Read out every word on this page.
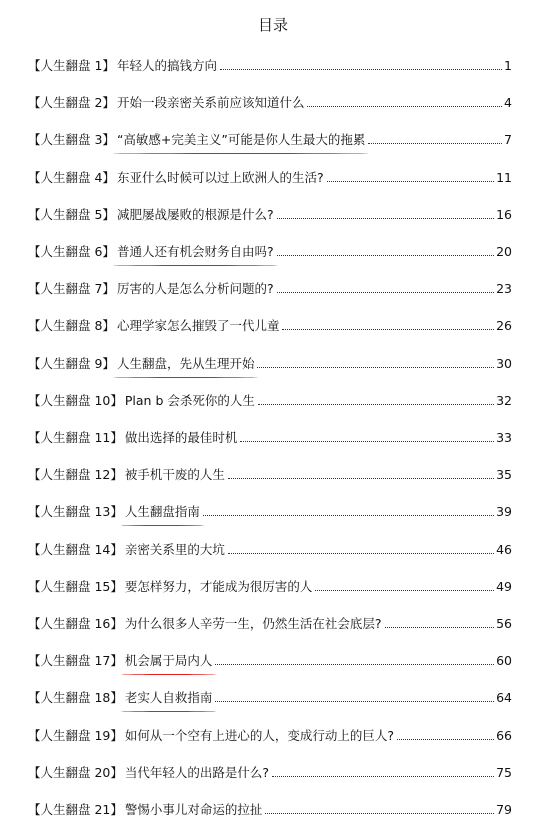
目录
【人生翻盘 1】 年轻人的搞钱方向	1
【人生翻盘 2】 开始一段亲密关系前应该知道什么	4
【人生翻盘 3】 “高敏感+完美主义”可能是你人生最大的拖累	7
【人生翻盘 4】 东亚什么时候可以过上欧洲人的生活?	11
【人生翻盘 5】 减肥屡战屡败的根源是什么?	16
【人生翻盘 6】 普通人还有机会财务自由吗?	20
【人生翻盘 7】 厉害的人是怎么分析问题的?	23
【人生翻盘 8】 心理学家怎么摧毁了一代儿童	26
【人生翻盘 9】 人生翻盘，先从生理开始	30
【人生翻盘 10】 Plan b 会杀死你的人生	32
【人生翻盘 11】 做出选择的最佳时机	33
【人生翻盘 12】 被手机干废的人生	35
【人生翻盘 13】 人生翻盘指南	39
【人生翻盘 14】 亲密关系里的大坑	46
【人生翻盘 15】 要怎样努力，才能成为很厉害的人	49
【人生翻盘 16】 为什么很多人辛劳一生，仍然生活在社会底层?	56
【人生翻盘 17】 机会属于局内人	60
【人生翻盘 18】 老实人自救指南	64
【人生翻盘 19】 如何从一个空有上进心的人，变成行动上的巨人?	66
【人生翻盘 20】 当代年轻人的出路是什么?	75
【人生翻盘 21】 警惕小事儿对命运的拉扯	79
